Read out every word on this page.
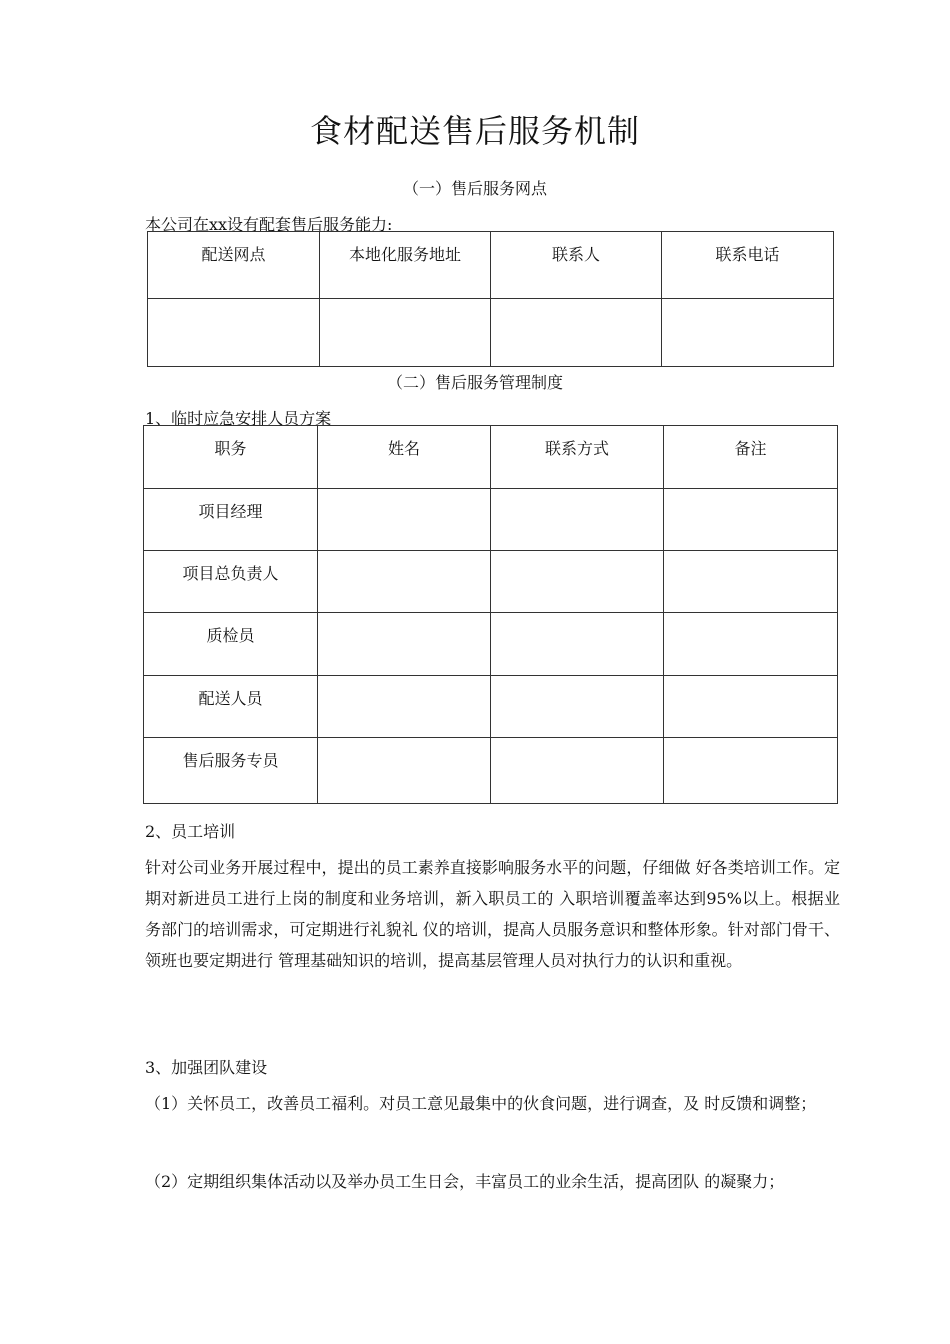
食材配送售后服务机制
（一）售后服务网点
本公司在xx设有配套售后服务能力:
配送网点	本地化服务地址	联系人	联系电话

（二）售后服务管理制度
1、临时应急安排人员方案
职务	姓名	联系方式	备注
项目经理			
项目总负责人			
质检员			
配送人员			
售后服务专员			
2、员工培训
针对公司业务开展过程中，提出的员工素养直接影响服务水平的问题，仔细做 好各类培训工作。定期对新进员工进行上岗的制度和业务培训，新入职员工的 入职培训覆盖率达到95%以上。根据业务部门的培训需求，可定期进行礼貌礼 仪的培训，提高人员服务意识和整体形象。针对部门骨干、领班也要定期进行 管理基础知识的培训，提高基层管理人员对执行力的认识和重视。
3、加强团队建设
（1）关怀员工，改善员工福利。对员工意见最集中的伙食问题，进行调查，及 时反馈和调整；
（2）定期组织集体活动以及举办员工生日会，丰富员工的业余生活，提高团队 的凝聚力；
